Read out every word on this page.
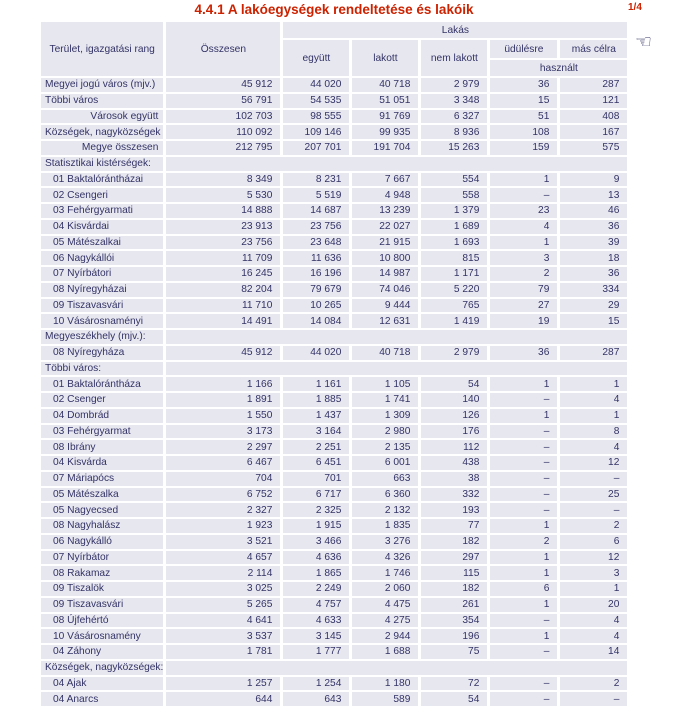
4.4.1 A lakóegységek rendeltetése és lakóik	1/4
☜
Terület, igazgatási rang	Összesen	Lakás				
		együtt	lakott	nem lakott	üdülésre	más célra
					használt	
Megyei jogú város (mjv.)	45 912	44 020	40 718	2 979	36	287
Többi város	56 791	54 535	51 051	3 348	15	121
Városok együtt	102 703	98 555	91 769	6 327	51	408
Községek, nagyközségek	110 092	109 146	99 935	8 936	108	167
Megye összesen	212 795	207 701	191 704	15 263	159	575
Statisztikai kistérségek:						
01 Baktalórántházai	8 349	8 231	7 667	554	1	9
02 Csengeri	5 530	5 519	4 948	558	–	13
03 Fehérgyarmati	14 888	14 687	13 239	1 379	23	46
04 Kisvárdai	23 913	23 756	22 027	1 689	4	36
05 Mátészalkai	23 756	23 648	21 915	1 693	1	39
06 Nagykállói	11 709	11 636	10 800	815	3	18
07 Nyírbátori	16 245	16 196	14 987	1 171	2	36
08 Nyíregyházai	82 204	79 679	74 046	5 220	79	334
09 Tiszavasvári	11 710	10 265	9 444	765	27	29
10 Vásárosnaményi	14 491	14 084	12 631	1 419	19	15
Megyeszékhely (mjv.):						
08 Nyíregyháza	45 912	44 020	40 718	2 979	36	287
Többi város:						
01 Baktalórántháza	1 166	1 161	1 105	54	1	1
02 Csenger	1 891	1 885	1 741	140	–	4
04 Dombrád	1 550	1 437	1 309	126	1	1
03 Fehérgyarmat	3 173	3 164	2 980	176	–	8
08 Ibrány	2 297	2 251	2 135	112	–	4
04 Kisvárda	6 467	6 451	6 001	438	–	12
07 Máriapócs	704	701	663	38	–	–
05 Mátészalka	6 752	6 717	6 360	332	–	25
05 Nagyecsed	2 327	2 325	2 132	193	–	–
08 Nagyhalász	1 923	1 915	1 835	77	1	2
06 Nagykálló	3 521	3 466	3 276	182	2	6
07 Nyírbátor	4 657	4 636	4 326	297	1	12
08 Rakamaz	2 114	1 865	1 746	115	1	3
09 Tiszalök	3 025	2 249	2 060	182	6	1
09 Tiszavasvári	5 265	4 757	4 475	261	1	20
08 Újfehértó	4 641	4 633	4 275	354	–	4
10 Vásárosnamény	3 537	3 145	2 944	196	1	4
04 Záhony	1 781	1 777	1 688	75	–	14
Községek, nagyközségek:						
04 Ajak	1 257	1 254	1 180	72	–	2
04 Anarcs	644	643	589	54	–	–
